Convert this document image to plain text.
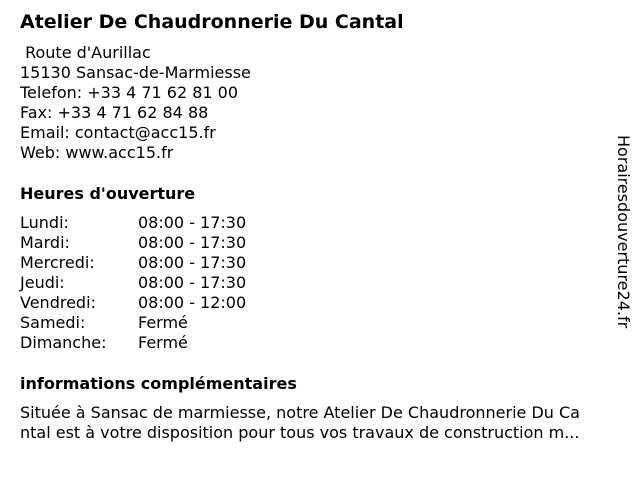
Atelier De Chaudronnerie Du Cantal
Route d'Aurillac
15130 Sansac-de-Marmiesse
Telefon: +33 4 71 62 81 00
Fax: +33 4 71 62 84 88
Email: contact@acc15.fr
Web: www.acc15.fr
Heures d'ouverture
Lundi:	08:00 - 17:30
Mardi:	08:00 - 17:30
Mercredi:	08:00 - 17:30
Jeudi:	08:00 - 17:30
Vendredi:	08:00 - 12:00
Samedi:	Fermé
Dimanche:	Fermé
informations complémentaires
Située à Sansac de marmiesse, notre Atelier De Chaudronnerie Du Ca
ntal est à votre disposition pour tous vos travaux de construction m...
Horairesdouverture24.fr
